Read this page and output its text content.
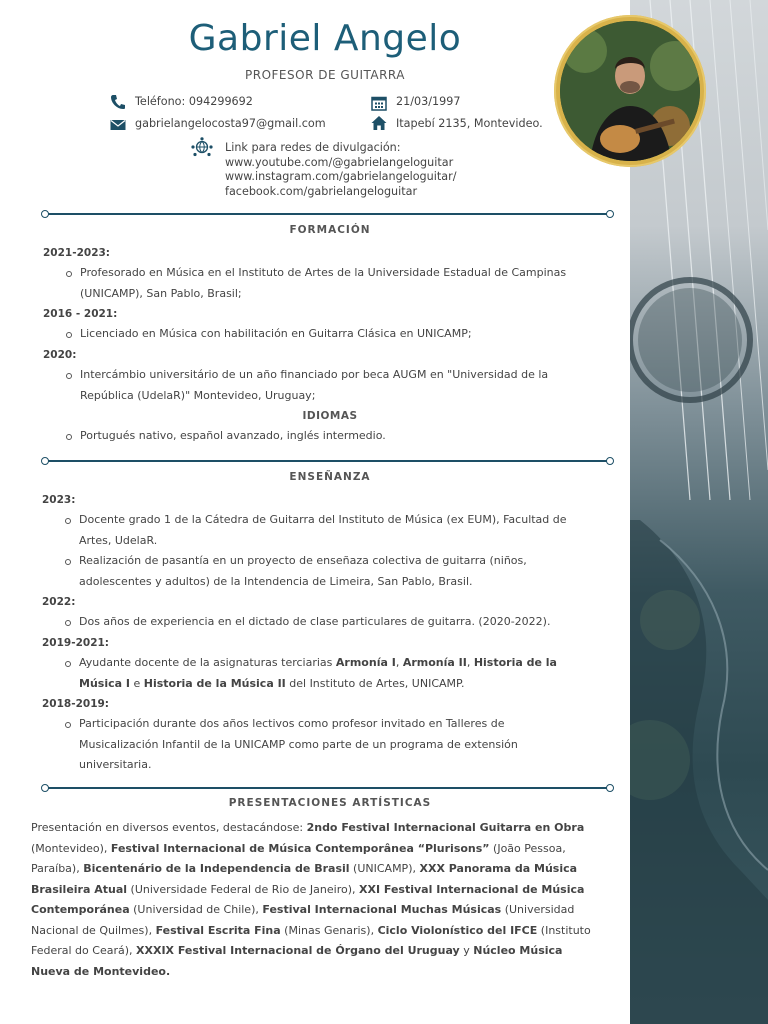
Gabriel Angelo
PROFESOR DE GUITARRA
Teléfono: 094299692	21/03/1997
gabrielangelocosta97@gmail.com	Itapebí 2135, Montevideo.
Link para redes de divulgación:
www.youtube.com/@gabrielangeloguitar
www.instagram.com/gabrielangeloguitar/
facebook.com/gabrielangeloguitar
FORMACIÓN
2021-2023:
Profesorado en Música en el Instituto de Artes de la Universidade Estadual de Campinas
(UNICAMP), San Pablo, Brasil;
2016 - 2021:
Licenciado en Música con habilitación en Guitarra Clásica en UNICAMP;
2020:
Intercámbio universitário de un año financiado por beca AUGM en "Universidad de la
República (UdelaR)" Montevideo, Uruguay;
IDIOMAS
Portugués nativo, español avanzado, inglés intermedio.
ENSEÑANZA
2023:
Docente grado 1 de la Cátedra de Guitarra del Instituto de Música (ex EUM), Facultad de
Artes, UdelaR.
Realización de pasantía en un proyecto de enseñaza colectiva de guitarra (niños,
adolescentes y adultos) de la Intendencia de Limeira, San Pablo, Brasil.
2022:
Dos años de experiencia en el dictado de clase particulares de guitarra. (2020-2022).
2019-2021:
Ayudante docente de la asignaturas terciarias Armonía I, Armonía II, Historia de la
Música I e Historia de la Música II del Instituto de Artes, UNICAMP.
2018-2019:
Participación durante dos años lectivos como profesor invitado en Talleres de
Musicalización Infantil de la UNICAMP como parte de un programa de extensión
universitaria.
PRESENTACIONES ARTÍSTICAS
Presentación en diversos eventos, destacándose: 2ndo Festival Internacional Guitarra en Obra (Montevideo), Festival Internacional de Música Contemporânea “Plurisons” (João Pessoa, Paraíba), Bicentenário de la Independencia de Brasil (UNICAMP), XXX Panorama da Música Brasileira Atual (Universidade Federal de Rio de Janeiro), XXI Festival Internacional de Música Contemporánea (Universidad de Chile), Festival Internacional Muchas Músicas (Universidad Nacional de Quilmes), Festival Escrita Fina (Minas Genaris), Ciclo Violonístico del IFCE (Instituto Federal do Ceará), XXXIX Festival Internacional de Órgano del Uruguay y Núcleo Música Nueva de Montevideo.
